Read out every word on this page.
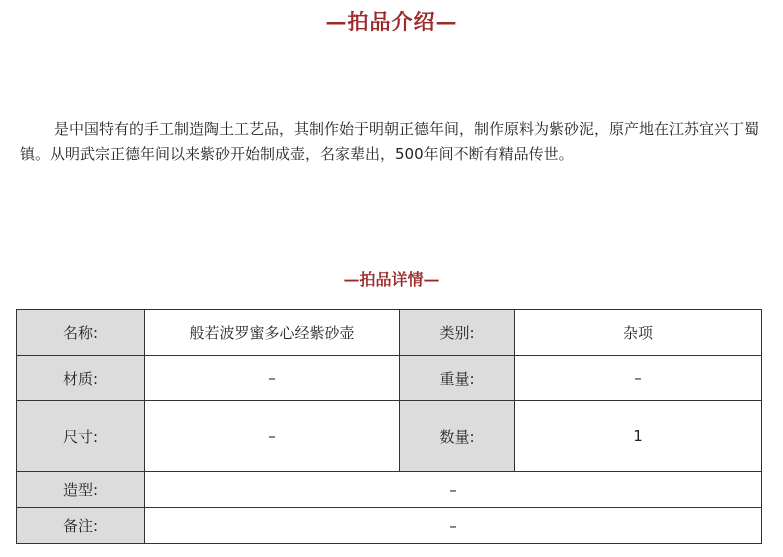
—拍品介绍—

是中国特有的手工制造陶土工艺品，其制作始于明朝正德年间，制作原料为紫砂泥，原产地在江苏宜兴丁蜀镇。从明武宗正德年间以来紫砂开始制成壶，名家辈出，500年间不断有精品传世。

—拍品详情—
名称:	般若波罗蜜多心经紫砂壶	类别:	杂项
材质:	–	重量:	–
尺寸:	–	数量:	1
造型:	–		
备注:	–		
